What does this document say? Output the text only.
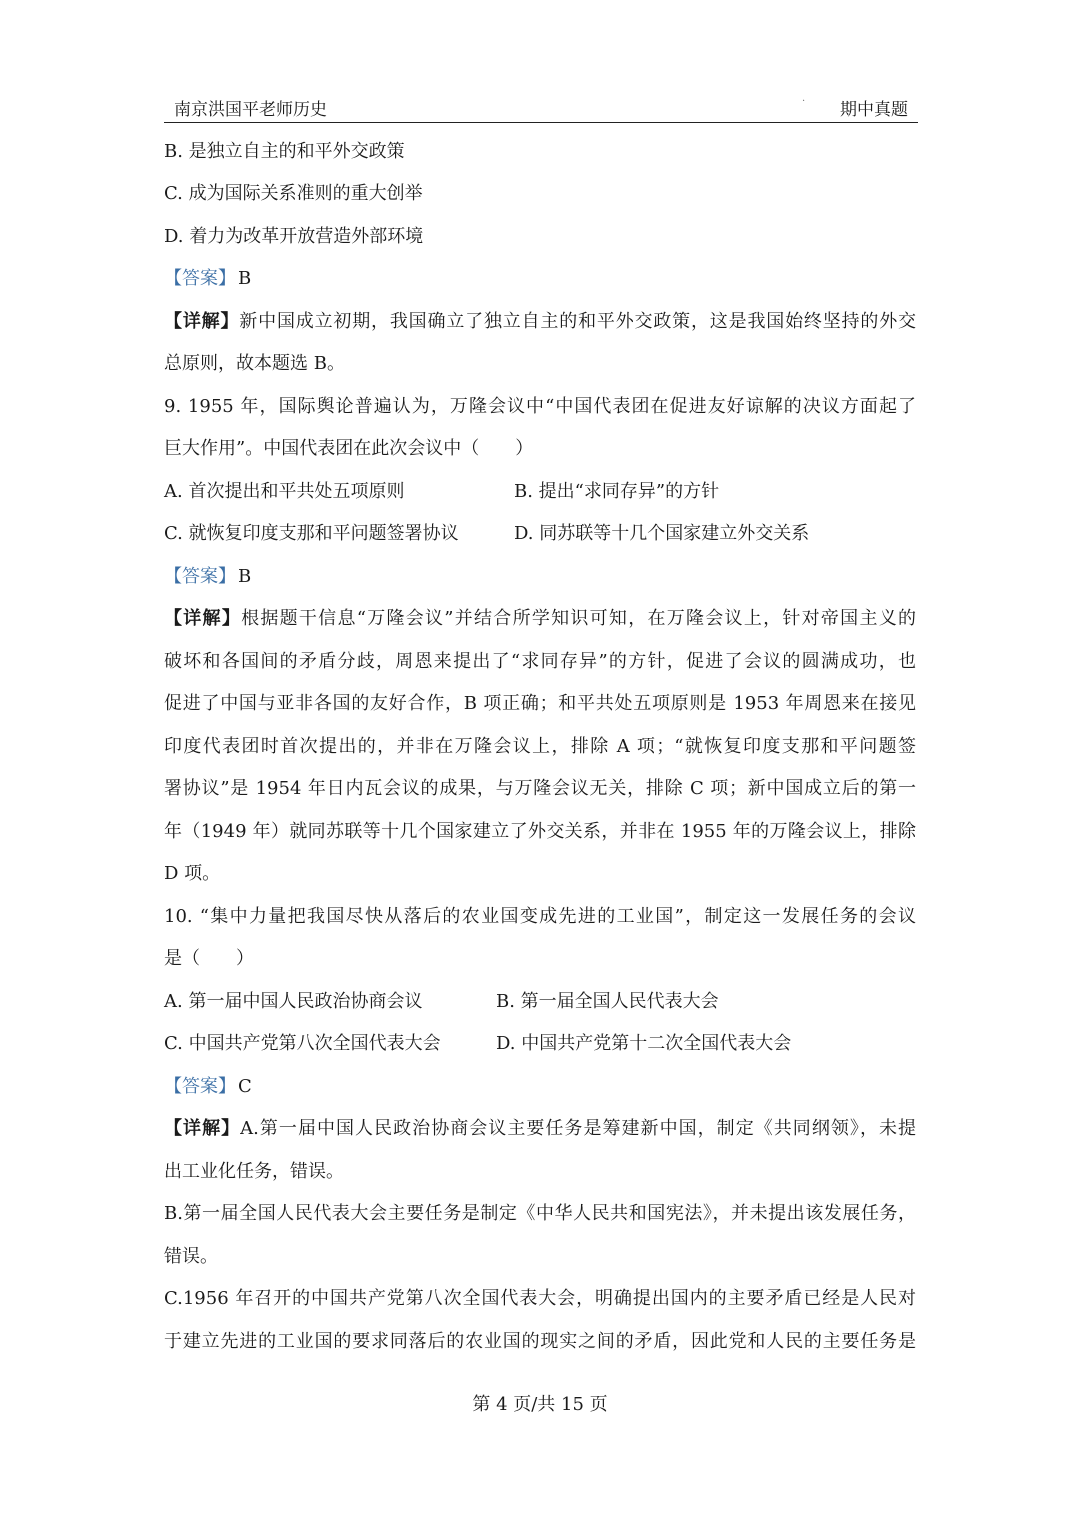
南京洪国平老师历史	· 期中真题
B. 是独立自主的和平外交政策
C. 成为国际关系准则的重大创举
D. 着力为改革开放营造外部环境
【答案】 B
【详解】新中国成立初期，我国确立了独立自主的和平外交政策，这是我国始终坚持的外交
总原则，故本题选 B。
9. 1955 年，国际舆论普遍认为，万隆会议中“中国代表团在促进友好谅解的决议方面起了
巨大作用”。中国代表团在此次会议中（　　）
A. 首次提出和平共处五项原则	B. 提出“求同存异”的方针
C. 就恢复印度支那和平问题签署协议	D. 同苏联等十几个国家建立外交关系
【答案】 B
【详解】根据题干信息“万隆会议”并结合所学知识可知，在万隆会议上，针对帝国主义的
破坏和各国间的矛盾分歧，周恩来提出了“求同存异”的方针，促进了会议的圆满成功，也
促进了中国与亚非各国的友好合作，B 项正确；和平共处五项原则是 1953 年周恩来在接见
印度代表团时首次提出的，并非在万隆会议上，排除 A 项；“就恢复印度支那和平问题签
署协议”是 1954 年日内瓦会议的成果，与万隆会议无关，排除 C 项；新中国成立后的第一
年（1949 年）就同苏联等十几个国家建立了外交关系，并非在 1955 年的万隆会议上，排除
D 项。
10. “集中力量把我国尽快从落后的农业国变成先进的工业国”，制定这一发展任务的会议
是（　　）
A. 第一届中国人民政治协商会议	B. 第一届全国人民代表大会
C. 中国共产党第八次全国代表大会	D. 中国共产党第十二次全国代表大会
【答案】 C
【详解】A.第一届中国人民政治协商会议主要任务是筹建新中国，制定《共同纲领》，未提
出工业化任务，错误。
B.第一届全国人民代表大会主要任务是制定《中华人民共和国宪法》，并未提出该发展任务，
错误。
C.1956 年召开的中国共产党第八次全国代表大会，明确提出国内的主要矛盾已经是人民对
于建立先进的工业国的要求同落后的农业国的现实之间的矛盾，因此党和人民的主要任务是
第 4 页/共 15 页
